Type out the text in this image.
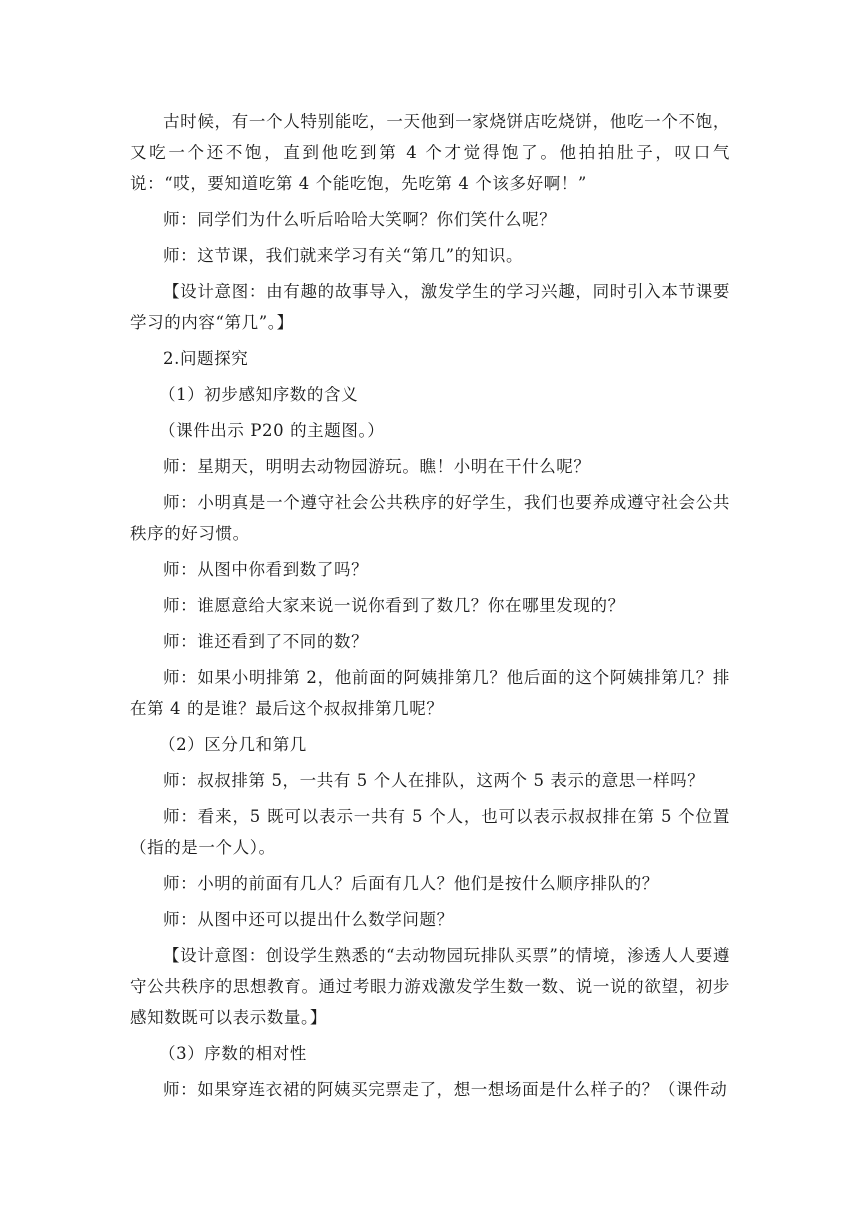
古时候，有一个人特别能吃，一天他到一家烧饼店吃烧饼，他吃一个不饱，又吃一个还不饱，直到他吃到第 4 个才觉得饱了。他拍拍肚子，叹口气说：“哎，要知道吃第 4 个能吃饱，先吃第 4 个该多好啊！”

师：同学们为什么听后哈哈大笑啊？你们笑什么呢？

师：这节课，我们就来学习有关“第几”的知识。

【设计意图：由有趣的故事导入，激发学生的学习兴趣，同时引入本节课要学习的内容“第几”。】

2.问题探究

（1）初步感知序数的含义

（课件出示 P20 的主题图。）

师：星期天，明明去动物园游玩。瞧！小明在干什么呢？

师：小明真是一个遵守社会公共秩序的好学生，我们也要养成遵守社会公共秩序的好习惯。

师：从图中你看到数了吗？

师：谁愿意给大家来说一说你看到了数几？你在哪里发现的？

师：谁还看到了不同的数？

师：如果小明排第 2，他前面的阿姨排第几？他后面的这个阿姨排第几？排在第 4 的是谁？最后这个叔叔排第几呢？

（2）区分几和第几

师：叔叔排第 5，一共有 5 个人在排队，这两个 5 表示的意思一样吗？

师：看来，5 既可以表示一共有 5 个人，也可以表示叔叔排在第 5 个位置（指的是一个人）。

师：小明的前面有几人？后面有几人？他们是按什么顺序排队的？

师：从图中还可以提出什么数学问题？

【设计意图：创设学生熟悉的“去动物园玩排队买票”的情境，渗透人人要遵守公共秩序的思想教育。通过考眼力游戏激发学生数一数、说一说的欲望，初步感知数既可以表示数量。】

（3）序数的相对性

师：如果穿连衣裙的阿姨买完票走了，想一想场面是什么样子的？（课件动
